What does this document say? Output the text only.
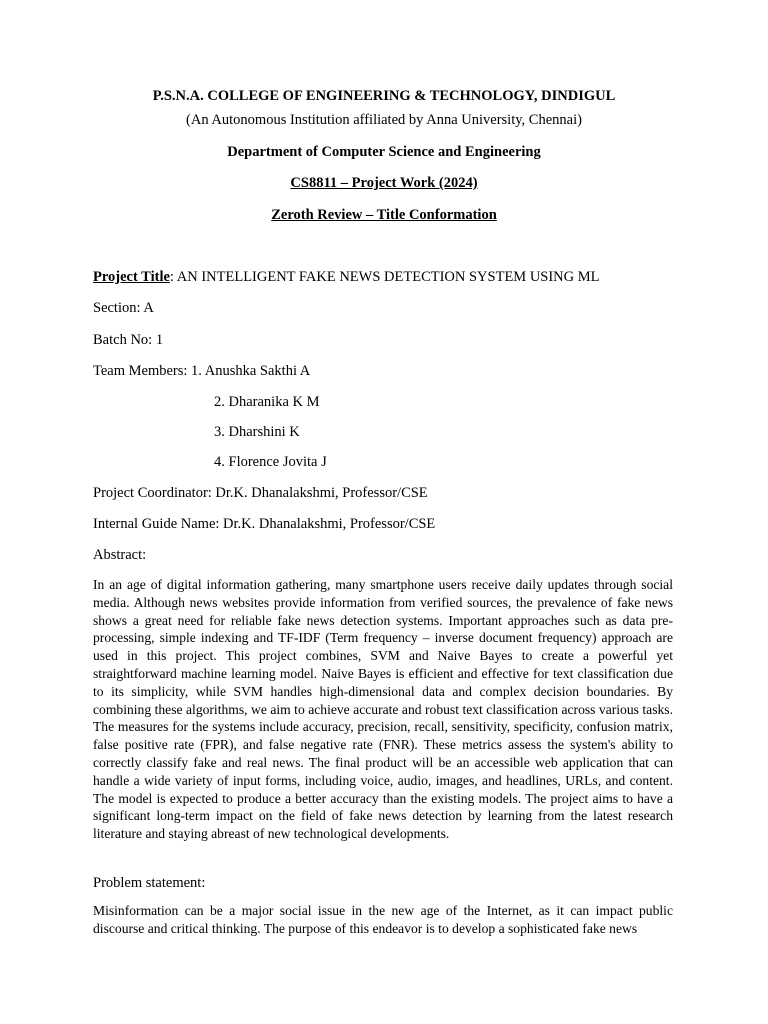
P.S.N.A. COLLEGE OF ENGINEERING & TECHNOLOGY, DINDIGUL
(An Autonomous Institution affiliated by Anna University, Chennai)
Department of Computer Science and Engineering
CS8811 – Project Work (2024)
Zeroth Review – Title Conformation
Project Title: AN INTELLIGENT FAKE NEWS DETECTION SYSTEM USING ML
Section: A
Batch No: 1
Team Members: 1. Anushka Sakthi A
2. Dharanika K M
3. Dharshini K
4. Florence Jovita J
Project Coordinator: Dr.K. Dhanalakshmi, Professor/CSE
Internal Guide Name: Dr.K. Dhanalakshmi, Professor/CSE
Abstract:
In an age of digital information gathering, many smartphone users receive daily updates through social media. Although news websites provide information from verified sources, the prevalence of fake news shows a great need for reliable fake news detection systems. Important approaches such as data pre-processing, simple indexing and TF-IDF (Term frequency – inverse document frequency) approach are used in this project. This project combines, SVM and Naive Bayes to create a powerful yet straightforward machine learning model. Naive Bayes is efficient and effective for text classification due to its simplicity, while SVM handles high-dimensional data and complex decision boundaries. By combining these algorithms, we aim to achieve accurate and robust text classification across various tasks. The measures for the systems include accuracy, precision, recall, sensitivity, specificity, confusion matrix, false positive rate (FPR), and false negative rate (FNR). These metrics assess the system's ability to correctly classify fake and real news. The final product will be an accessible web application that can handle a wide variety of input forms, including voice, audio, images, and headlines, URLs, and content. The model is expected to produce a better accuracy than the existing models. The project aims to have a significant long-term impact on the field of fake news detection by learning from the latest research literature and staying abreast of new technological developments.
Problem statement:
Misinformation can be a major social issue in the new age of the Internet, as it can impact public discourse and critical thinking. The purpose of this endeavor is to develop a sophisticated fake news
